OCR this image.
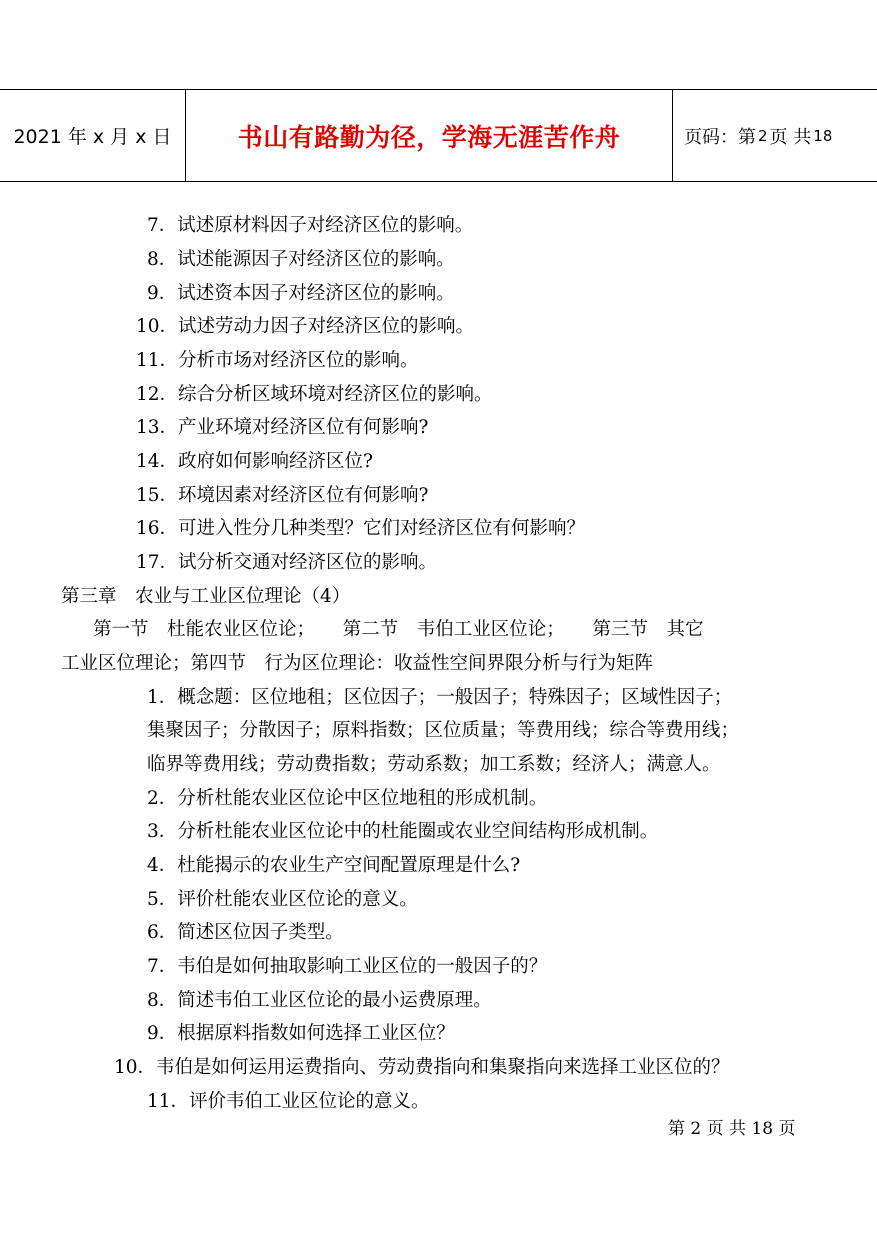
2021 年 x 月 x 日	书山有路勤为径，学海无涯苦作舟	页码：第 2 页 共 18
7．试述原材料因子对经济区位的影响。
8．试述能源因子对经济区位的影响。
9．试述资本因子对经济区位的影响。
10．试述劳动力因子对经济区位的影响。
11．分析市场对经济区位的影响。
12．综合分析区域环境对经济区位的影响。
13．产业环境对经济区位有何影响?
14．政府如何影响经济区位?
15．环境因素对经济区位有何影响?
16．可进入性分几种类型？它们对经济区位有何影响？
17．试分析交通对经济区位的影响。
第三章　农业与工业区位理论（4）
第一节　杜能农业区位论；　　第二节　韦伯工业区位论；　　第三节　其它
工业区位理论；第四节　行为区位理论：收益性空间界限分析与行为矩阵
1．概念题：区位地租；区位因子；一般因子；特殊因子；区域性因子；
集聚因子；分散因子；原料指数；区位质量；等费用线；综合等费用线；
临界等费用线；劳动费指数；劳动系数；加工系数；经济人；满意人。
2．分析杜能农业区位论中区位地租的形成机制。
3．分析杜能农业区位论中的杜能圈或农业空间结构形成机制。
4．杜能揭示的农业生产空间配置原理是什么?
5．评价杜能农业区位论的意义。
6．简述区位因子类型。
7．韦伯是如何抽取影响工业区位的一般因子的？
8．简述韦伯工业区位论的最小运费原理。
9．根据原料指数如何选择工业区位？
10．韦伯是如何运用运费指向、劳动费指向和集聚指向来选择工业区位的？
11．评价韦伯工业区位论的意义。
第 2 页 共 18 页
